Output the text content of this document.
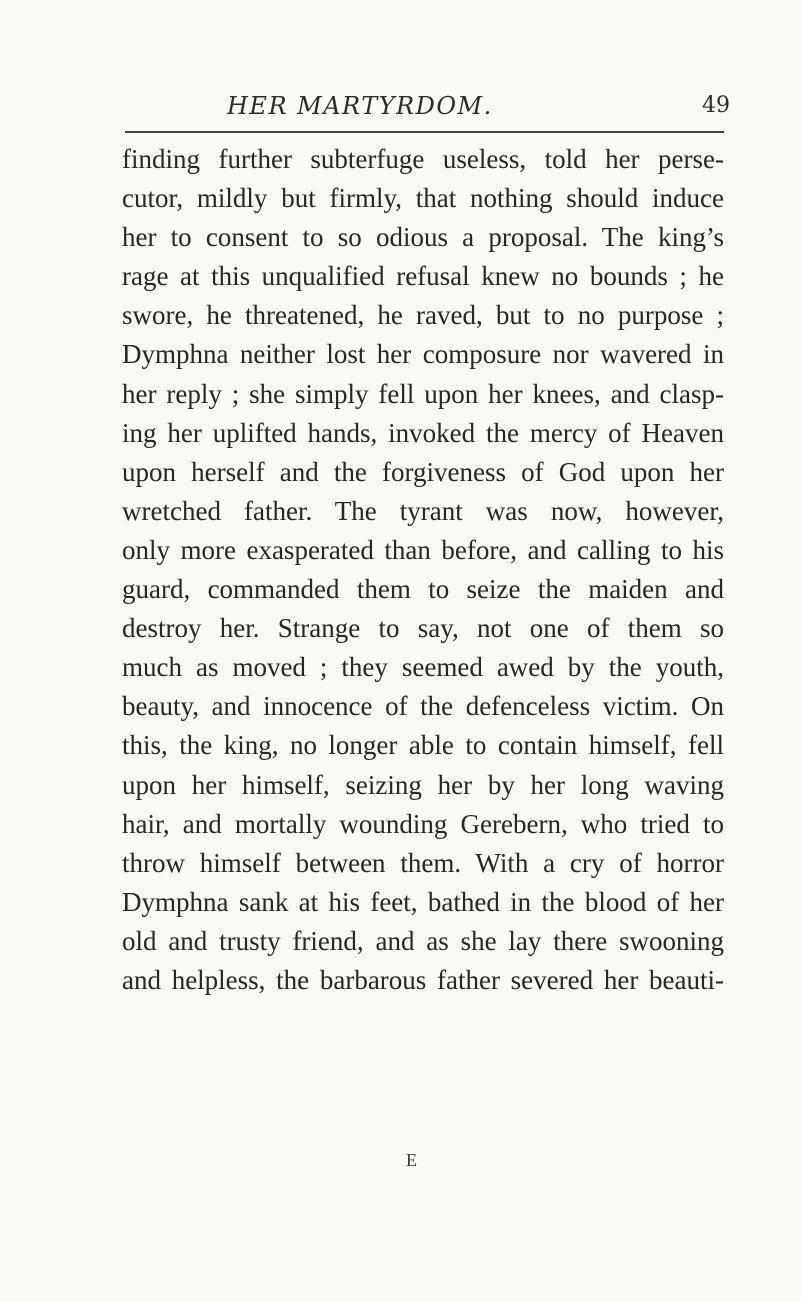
HER MARTYRDOM.	49
finding further subterfuge useless, told her perse-
cutor, mildly but firmly, that nothing should induce
her to consent to so odious a proposal. The king’s
rage at this unqualified refusal knew no bounds ; he
swore, he threatened, he raved, but to no purpose ;
Dymphna neither lost her composure nor wavered in
her reply ; she simply fell upon her knees, and clasp-
ing her uplifted hands, invoked the mercy of Heaven
upon herself and the forgiveness of God upon her
wretched father. The tyrant was now, however,
only more exasperated than before, and calling to his
guard, commanded them to seize the maiden and
destroy her. Strange to say, not one of them so
much as moved ; they seemed awed by the youth,
beauty, and innocence of the defenceless victim. On
this, the king, no longer able to contain himself, fell
upon her himself, seizing her by her long waving
hair, and mortally wounding Gerebern, who tried to
throw himself between them. With a cry of horror
Dymphna sank at his feet, bathed in the blood of her
old and trusty friend, and as she lay there swooning
and helpless, the barbarous father severed her beauti-
E
